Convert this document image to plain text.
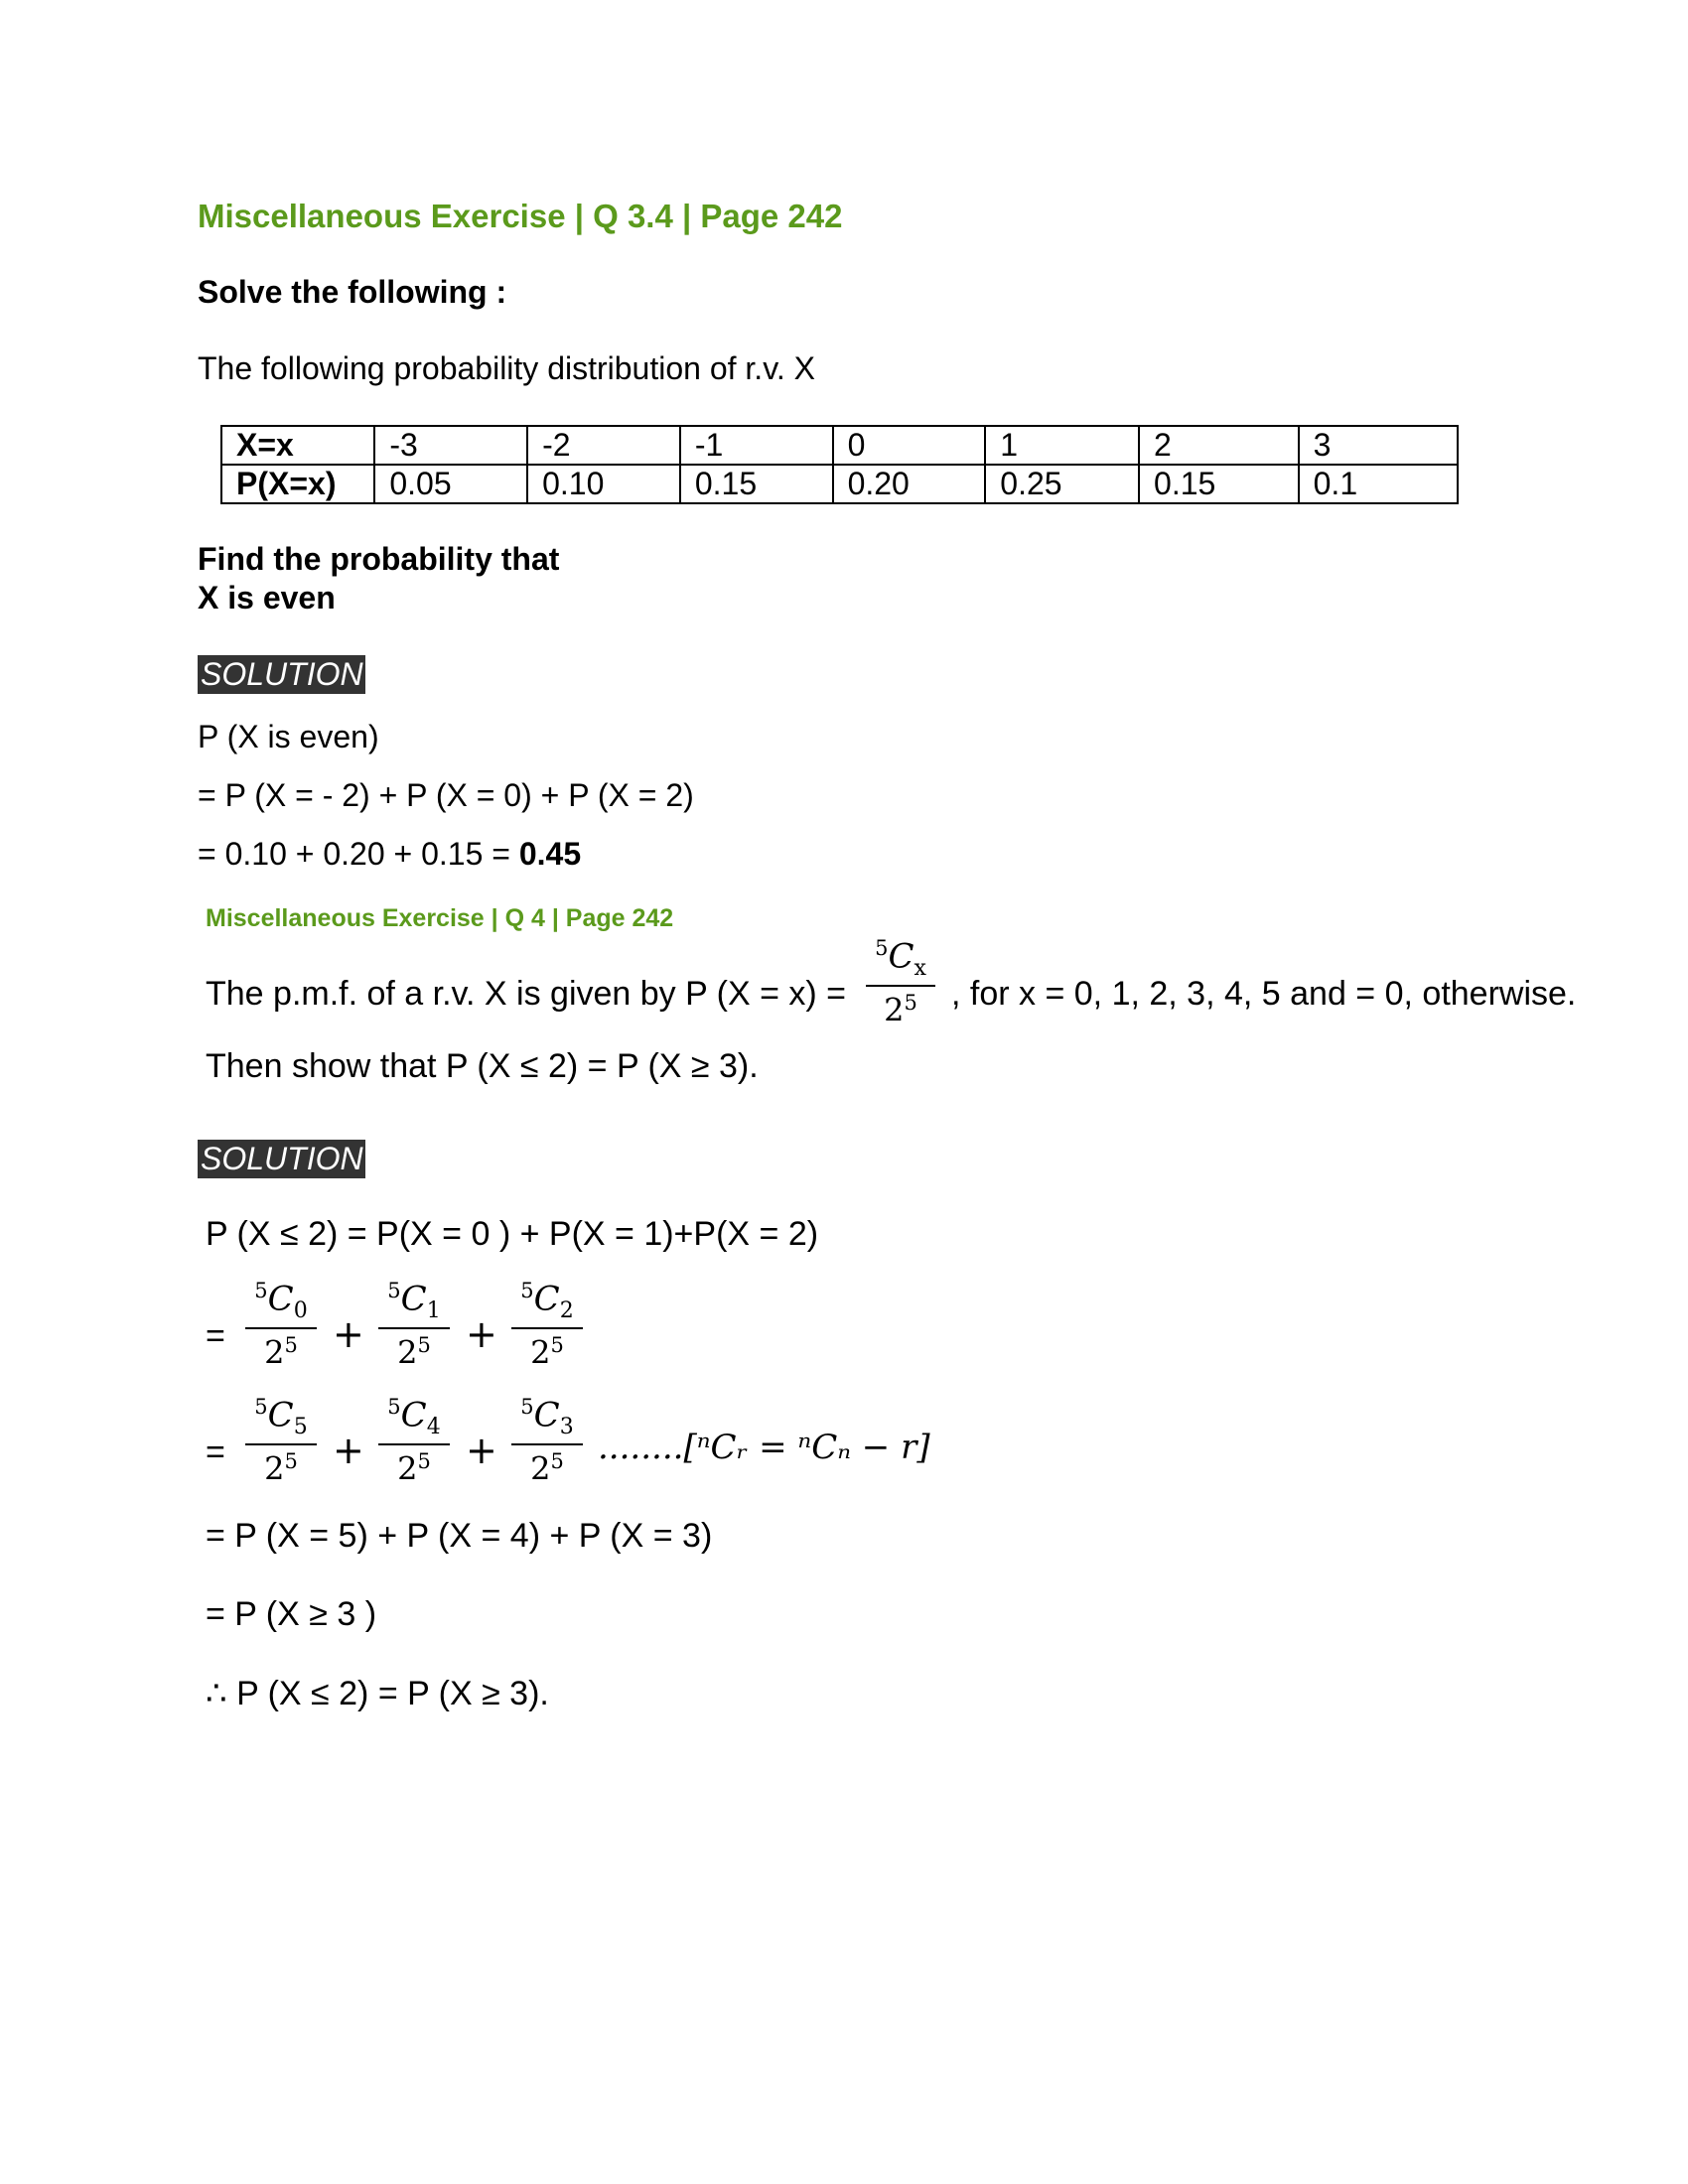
Miscellaneous Exercise | Q 3.4 | Page 242
Solve the following :
The following probability distribution of r.v. X
X=x	-3	-2	-1	0	1	2	3
P(X=x)	0.05	0.10	0.15	0.20	0.25	0.15	0.1
Find the probability that
X is even
SOLUTION
P (X is even)
= P (X = - 2) + P (X = 0) + P (X = 2)
= 0.10 + 0.20 + 0.15 = 0.45
Miscellaneous Exercise | Q 4 | Page 242
The p.m.f. of a r.v. X is given by P (X = x) =
$^5C_x$
$2^5$	, for x = 0, 1, 2, 3, 4, 5 and = 0, otherwise.
Then show that P (X ≤ 2) = P (X ≥ 3).
SOLUTION
P (X ≤ 2) = P(X = 0 ) + P(X = 1)+P(X = 2)
=
$^5C_0$
$2^5$ +
$^5C_1$
$2^5$ +
$^5C_2$
$2^5$
=
$^5C_5$
$2^5$ +
$^5C_4$
$2^5$ +
$^5C_3$
$2^5$	........[ⁿCᵣ = ⁿCₙ − r]
= P (X = 5) + P (X = 4) + P (X = 3)
= P (X ≥ 3 )
∴ P (X ≤ 2) = P (X ≥ 3).
